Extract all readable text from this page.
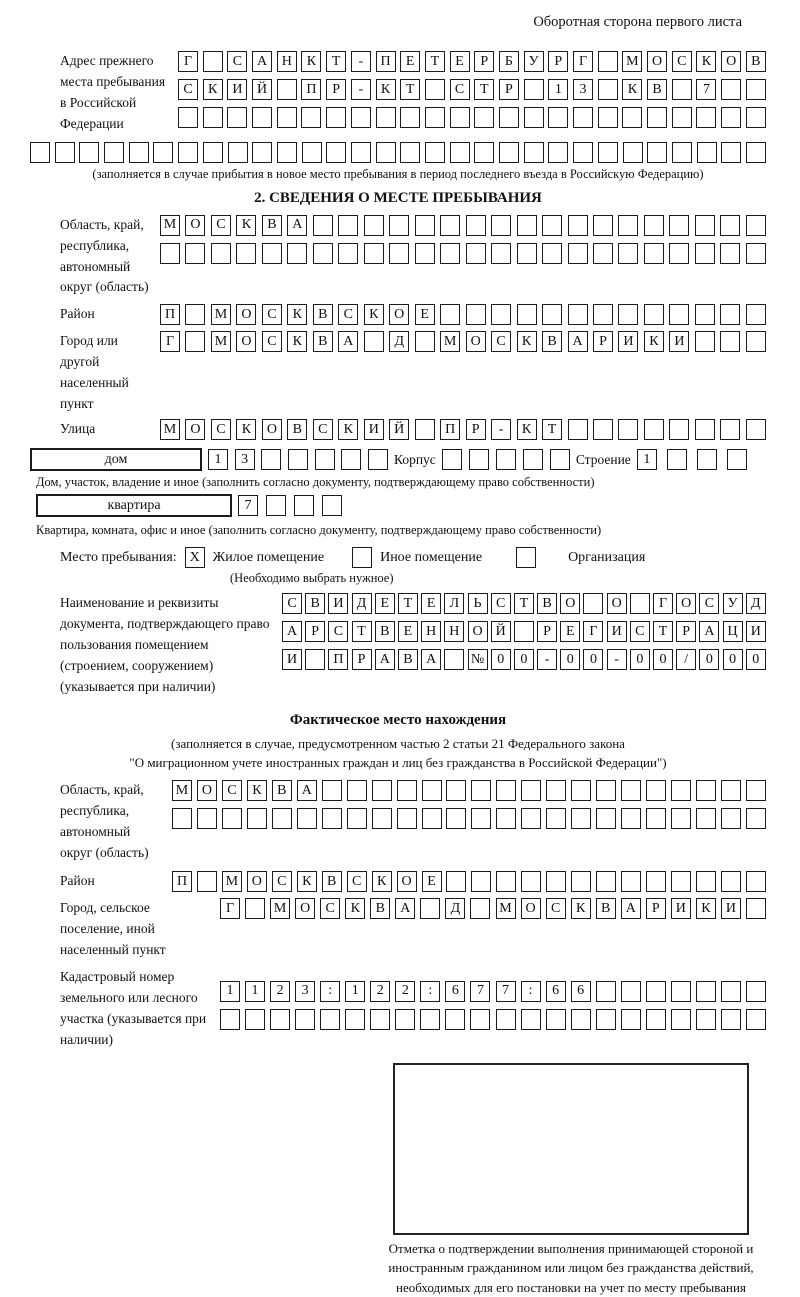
Оборотная сторона первого листа
Адрес прежнего места пребывания в Российской Федерации
Г	С	А	Н	К	Т	-	П	Е	Т	Е	Р	Б	У	Р	Г	М О	С	К	О	В
С	К	И	Й	П	Р	-	К	Т	С	Т	Р	1	3	К	В	7
(заполняется в случае прибытия в новое место пребывания в период последнего въезда в Российскую Федерацию)
2. СВЕДЕНИЯ О МЕСТЕ ПРЕБЫВАНИЯ
Область, край, республика, автономный округ (область)
М	О	С	К	В	А
Район	П	М	О	С	К	В	С	К	О	Е
Город или другой населенный пункт
Г	М	О	С	К	В	А	Д	М	О	С	К	В	А	Р	И	К	И
Улица	М	О	С	К	О	В	С	К	И	Й	П	Р	-	К	Т
дом	1	3	Корпус	Строение 1
Дом, участок, владение и иное (заполнить согласно документу, подтверждающему право собственности)
квартира	7
Квартира, комната, офис и иное (заполнить согласно документу, подтверждающему право собственности)
Место пребывания: X Жилое помещение	Иное помещение	Организация
(Необходимо выбрать нужное)
Наименование и реквизиты документа, подтверждающего право пользования помещением (строением, сооружением) (указывается при наличии)
С В И Д	Е	Т	Е	Л	Ь	С	Т	В О	О	Г	О С У Д
А	Р	С	Т	В	Е Н Н О Й	Р	Е	Г	И С	Т	Р	А Ц И
И	П	Р	А В А	№ 0	0	-	0	0	-	0	0	/	0	0	0
Фактическое место нахождения
(заполняется в случае, предусмотренном частью 2 статьи 21 Федерального закона
"О миграционном учете иностранных граждан и лиц без гражданства в Российской Федерации")
Область, край, республика, автономный округ (область)
М О	С	К	В	А
Район	П	М О	С	К	В	С	К	О	Е
Город, сельское поселение, иной населенный пункт
Г	М О	С	К	В	А	Д	М О	С	К	В	А	Р	И	К	И
Кадастровый номер земельного или лесного участка (указывается при наличии)
1	1	2	3	:	1	2	2	:	6	7	7	:	6	6
Отметка о подтверждении выполнения принимающей стороной и иностранным гражданином или лицом без гражданства действий, необходимых для его постановки на учет по месту пребывания
